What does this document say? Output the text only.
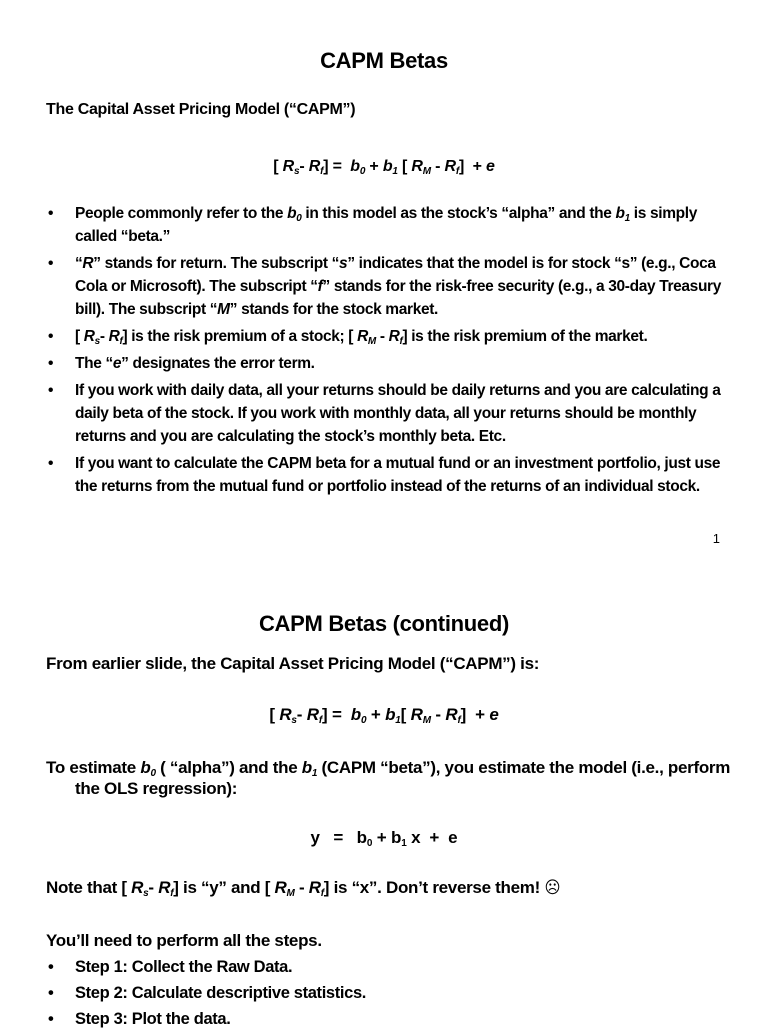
CAPM Betas
The Capital Asset Pricing Model (“CAPM”)
[ $R_s-$ $R_f] = b_0 + b_1$ [ $R_M - R_f] + e$
• People commonly refer to the $b_0$ in this model as the stock’s “alpha” and the $b_1$ is simply called “beta.”
• “R” stands for return. The subscript “s” indicates that the model is for stock “s” (e.g., Coca Cola or Microsoft). The subscript “f” stands for the risk-free security (e.g., a 30-day Treasury bill). The subscript “M” stands for the stock market.
• [ $R_s-$ $R_f$] is the risk premium of a stock; [ $R_M - R_f$] is the risk premium of the market.
• The “e” designates the error term.
• If you work with daily data, all your returns should be daily returns and you are calculating a daily beta of the stock. If you work with monthly data, all your returns should be monthly returns and you are calculating the stock’s monthly beta. Etc.
• If you want to calculate the CAPM beta for a mutual fund or an investment portfolio, just use the returns from the mutual fund or portfolio instead of the returns of an individual stock.
1
CAPM Betas (continued)
From earlier slide, the Capital Asset Pricing Model (“CAPM”) is:
[ $R_s-$ $R_f] = b_0 + b_1$[ $R_M - R_f] + e$
To estimate $b_0$ ( “alpha”) and the $b_1$ (CAPM “beta”), you estimate the model (i.e., perform the OLS regression):
$y = b_0 + b_1$ x  +  e
Note that [ $R_s-$ $R_f$] is “y” and [ $R_M - R_f$] is “x”. Don’t reverse them! ☹
You’ll need to perform all the steps.
• Step 1: Collect the Raw Data.
• Step 2: Calculate descriptive statistics.
• Step 3: Plot the data.
